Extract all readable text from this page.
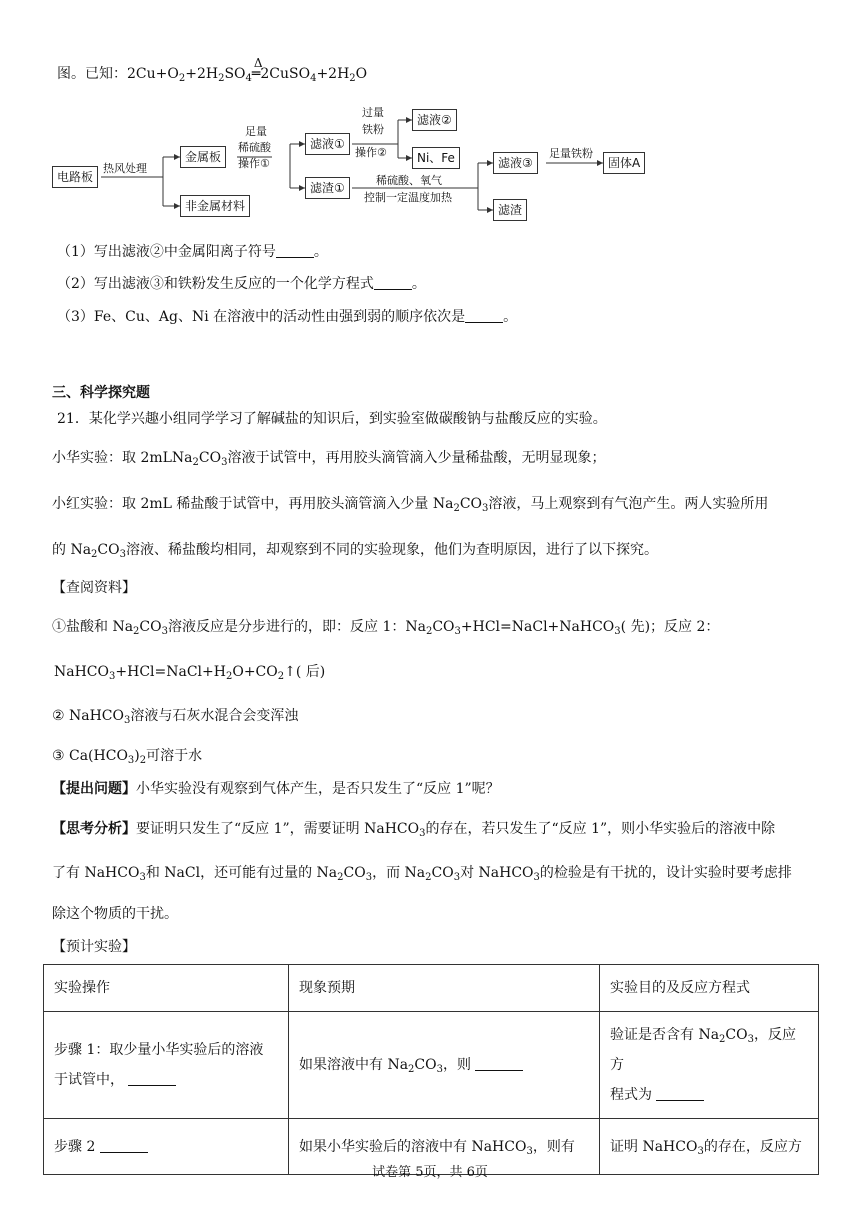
图。已知：$2Cu+O_2+2H_2SO_4$
Δ
$═2CuSO_4+2H_2O$
电路板
热风处理
金属板
非金属材料
足量
稀硫酸
操作①
滤液①
滤渣①
过量
铁粉
操作②
滤液②
Ni、Fe
稀硫酸、氧气
控制一定温度加热
滤液③
足量铁粉
固体A
滤渣
（1）写出滤液②中金属阳离子符号	。
（2）写出滤液③和铁粉发生反应的一个化学方程式	。
（3）Fe、Cu、Ag、Ni 在溶液中的活动性由强到弱的顺序依次是	。
三、科学探究题
21．某化学兴趣小组同学学习了解碱盐的知识后，到实验室做碳酸钠与盐酸反应的实验。
小华实验：取 $2mLNa_2CO_3$溶液于试管中，再用胶头滴管滴入少量稀盐酸，无明显现象；
小红实验：取 2mL 稀盐酸于试管中，再用胶头滴管滴入少量 $Na_2CO_3$溶液，马上观察到有气泡产生。两人实验所用
的 $Na_2CO_3$溶液、稀盐酸均相同，却观察到不同的实验现象，他们为查明原因，进行了以下探究。
【查阅资料】
①盐酸和 $Na_2CO_3$溶液反应是分步进行的，即：反应 1：$Na_2CO_3+HCl=NaCl+NaHCO_3$( 先)；反应 2：
$NaHCO_3+HCl=NaCl+H_2O+CO_2↑$( 后)
② NaHCO$_3$溶液与石灰水混合会变浑浊
③ $Ca(HCO_3)_2$可溶于水
【提出问题】小华实验没有观察到气体产生，是否只发生了“反应 1”呢？
【思考分析】要证明只发生了“反应 1”，需要证明 NaHCO$_3$的存在，若只发生了“反应 1”，则小华实验后的溶液中除
了有 NaHCO$_3$和 NaCl，还可能有过量的 $Na_2CO_3$，而 $Na_2CO_3$对 NaHCO$_3$的检验是有干扰的，设计实验时要考虑排
除这个物质的干扰。
【预计实验】
实验操作	现象预期	实验目的及反应方程式
步骤 1：取少量小华实验后的溶液
于试管中，	如果溶液中有 $Na_2CO_3$，则	验证是否含有 $Na_2CO_3$，反应方
程式为
步骤 2	如果小华实验后的溶液中有 NaHCO$_3$，则有	证明 NaHCO$_3$的存在，反应方
试卷第 5页，共 6页
